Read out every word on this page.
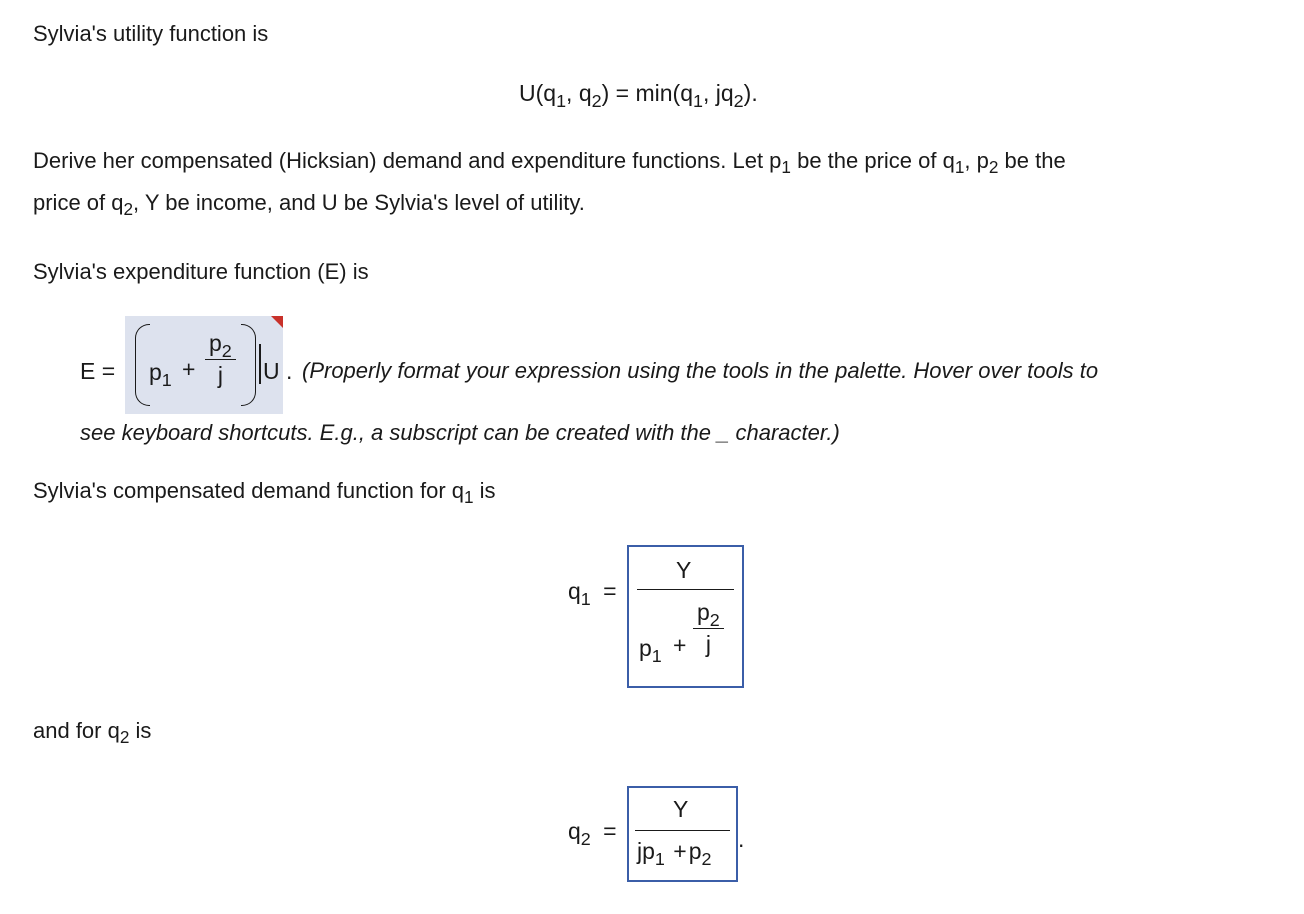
Sylvia's utility function is
$U(q_1$, $q_2) = \min(q_1$, $jq_2$).
Derive her compensated (Hicksian) demand and expenditure functions. Let $p_1$ be the price of $q_1$, $p_2$ be the
price of $q_2$, Y be income, and U be Sylvia's level of utility.
Sylvia's expenditure function (E) is
$E = p_1 + \frac{p_2}{j}$ U . (Properly format your expression using the tools in the palette. Hover over tools to
see keyboard shortcuts. E.g., a subscript can be created with the _ character.)
Sylvia's compensated demand function for $q_1$ is
$q_1$ =
Y
$p_1 + \frac{p_2}{j}$
and for $q_2$ is
$q_2$ =
Y
$jp_1 +p_2$
.
